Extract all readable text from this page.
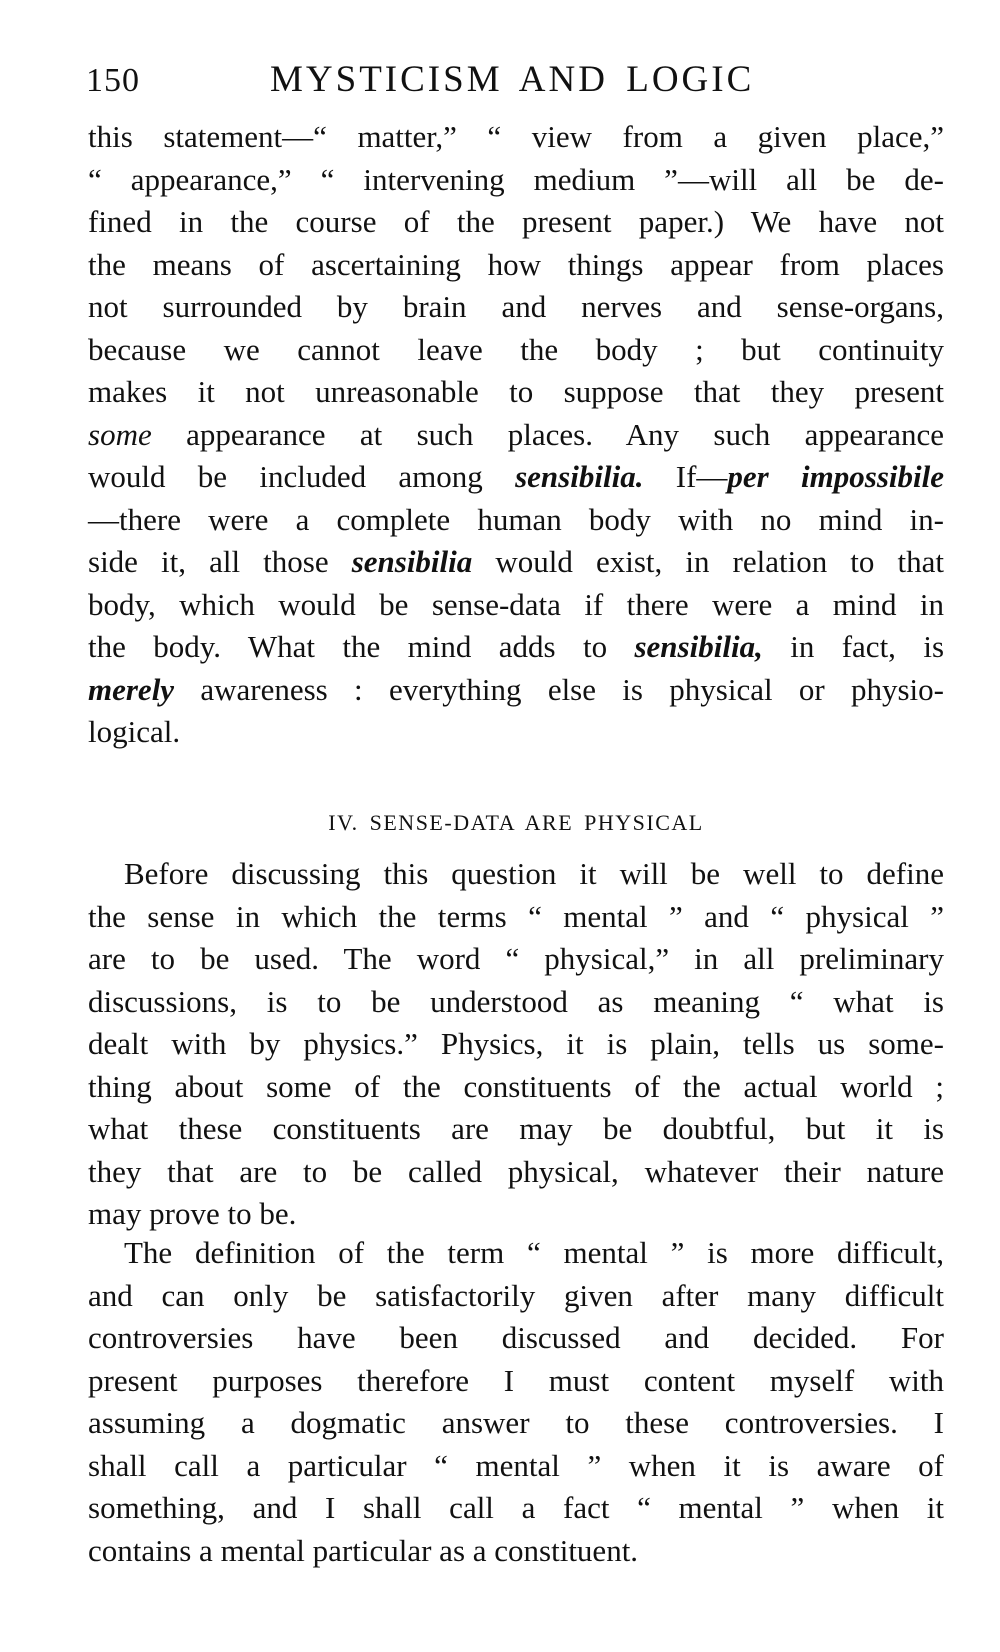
150	MYSTICISM AND LOGIC
this statement—“ matter,” “ view from a given place,”
“ appearance,” “ intervening medium ”—will all be de-
fined in the course of the present paper.) We have not
the means of ascertaining how things appear from places
not surrounded by brain and nerves and sense-organs,
because we cannot leave the body ; but continuity
makes it not unreasonable to suppose that they present
some appearance at such places. Any such appearance
would be included among sensibilia. If—per impossibile
—there were a complete human body with no mind in-
side it, all those sensibilia would exist, in relation to that
body, which would be sense-data if there were a mind in
the body. What the mind adds to sensibilia, in fact, is
merely awareness : everything else is physical or physio-
logical.
IV. SENSE-DATA ARE PHYSICAL
Before discussing this question it will be well to define
the sense in which the terms “ mental ” and “ physical ”
are to be used. The word “ physical,” in all preliminary
discussions, is to be understood as meaning “ what is
dealt with by physics.” Physics, it is plain, tells us some-
thing about some of the constituents of the actual world ;
what these constituents are may be doubtful, but it is
they that are to be called physical, whatever their nature
may prove to be.
The definition of the term “ mental ” is more difficult,
and can only be satisfactorily given after many difficult
controversies have been discussed and decided. For
present purposes therefore I must content myself with
assuming a dogmatic answer to these controversies. I
shall call a particular “ mental ” when it is aware of
something, and I shall call a fact “ mental ” when it
contains a mental particular as a constituent.
